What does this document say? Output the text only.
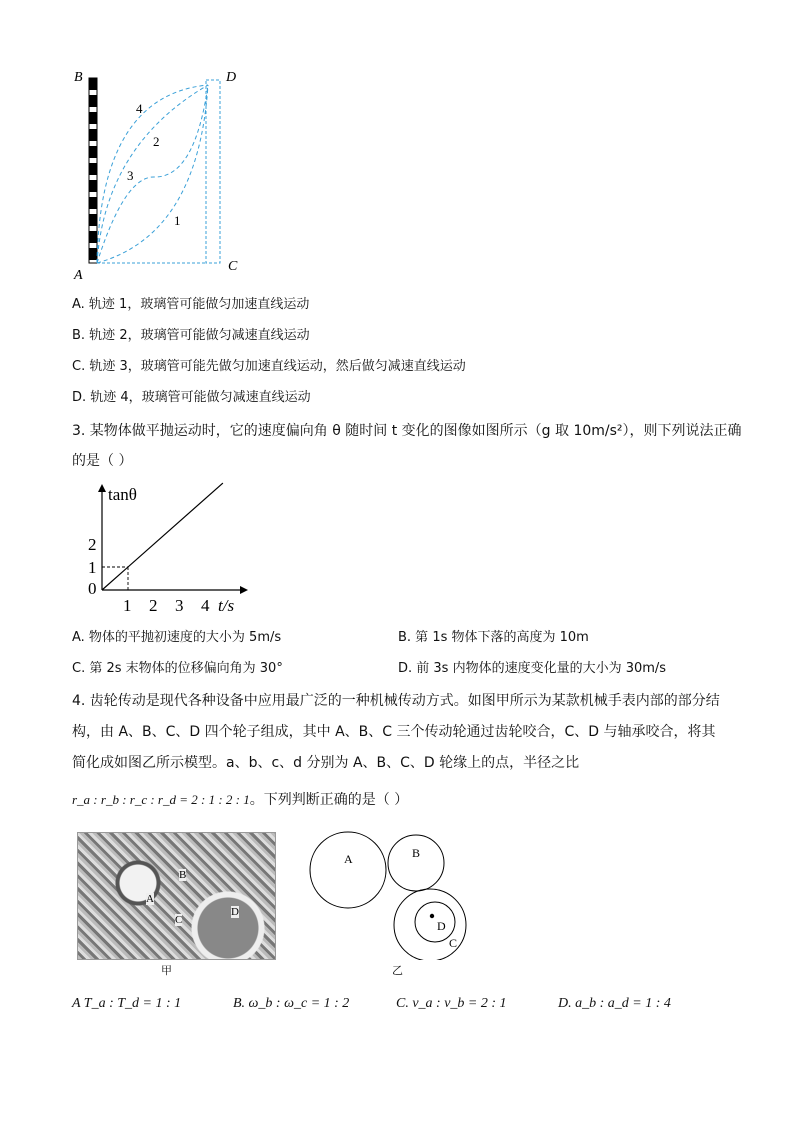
B	D
A
C
4
2
3
1
A. 轨迹 1，玻璃管可能做匀加速直线运动
B. 轨迹 2，玻璃管可能做匀减速直线运动
C. 轨迹 3，玻璃管可能先做匀加速直线运动，然后做匀减速直线运动
D. 轨迹 4，玻璃管可能做匀减速直线运动
3. 某物体做平抛运动时，它的速度偏向角 θ 随时间 t 变化的图像如图所示（g 取 10m/s²），则下列说法正确
的是（ ）
tanθ
t/s
0
1 2 3 4
1
2
A. 物体的平抛初速度的大小为 5m/s	B. 第 1s 物体下落的高度为 10m
C. 第 2s 末物体的位移偏向角为 30°	D. 前 3s 内物体的速度变化量的大小为 30m/s
4. 齿轮传动是现代各种设备中应用最广泛的一种机械传动方式。如图甲所示为某款机械手表内部的部分结
构，由 A、B、C、D 四个轮子组成，其中 A、B、C 三个传动轮通过齿轮咬合，C、D 与轴承咬合，将其
简化成如图乙所示模型。a、b、c、d 分别为 A、B、C、D 轮缘上的点，半径之比
r_a : r_b : r_c : r_d = 2 : 1 : 2 : 1。下列判断正确的是（ ）
B
A
C
D
甲
A	B
D
C
乙
A T_a : T_d = 1 : 1	B. ω_b : ω_c = 1 : 2	C. v_a : v_b = 2 : 1	D. a_b : a_d = 1 : 4
